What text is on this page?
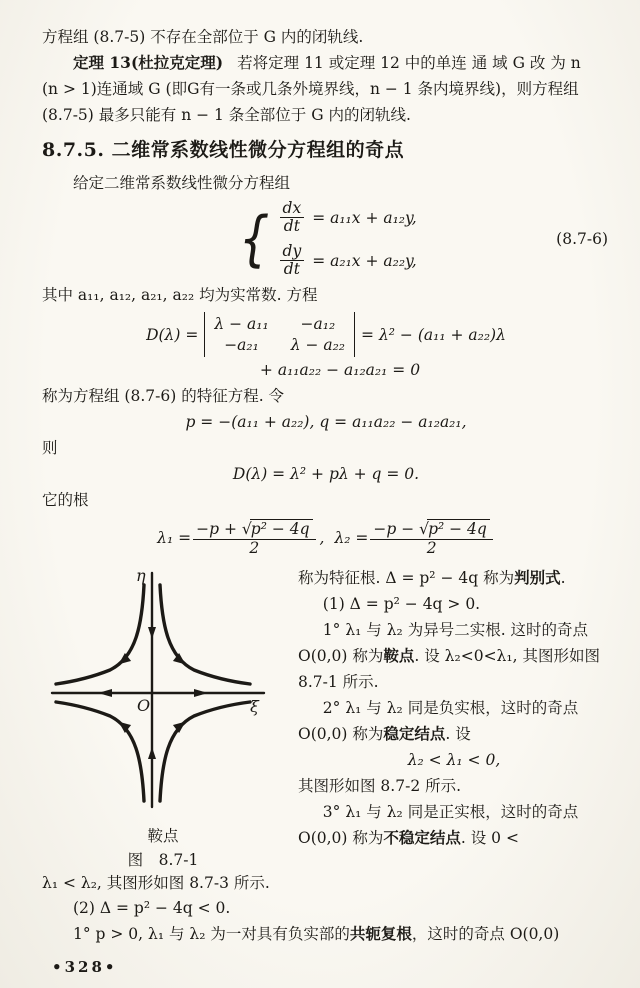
方程组 (8.7-5) 不存在全部位于 G 内的闭轨线.

定理 13(杜拉克定理) 若将定理 11 或定理 12 中的单连 通 域 G 改 为 n

(n > 1)连通域 G (即G有一条或几条外境界线，n − 1 条内境界线)，则方程组

(8.7-5) 最多只能有 n − 1 条全部位于 G 内的闭轨线.

8.7.5. 二维常系数线性微分方程组的奇点

给定二维常系数线性微分方程组

{ $\frac{dx}{dt} = a_{11}x + a_{12}y$,
$\frac{dy}{dt} = a_{21}x + a_{22}y$,
(8.7-6)

其中 a₁₁, a₁₂, a₂₁, a₂₂ 均为实常数. 方程

D(λ) =
λ − a₁₁ −a₁₂
−a₂₁ λ − a₂₂
= λ² − (a₁₁ + a₂₂)λ
+ a₁₁a₂₂ − a₁₂a₂₁ = 0

称为方程组 (8.7-6) 的特征方程. 令

p = −(a₁₁ + a₂₂), q = a₁₁a₂₂ − a₁₂a₂₁,

则

D(λ) = λ² + pλ + q = 0.

它的根

$\lambda_1 = \frac{\text{−p + √p² − 4q}}{2}$ , $\lambda_2 = \frac{\text{−p − √p² − 4q}}{2}$
η
ξ
O

鞍点

图　8.7-1

称为特征根. Δ = p² − 4q 称为判别式.

(1) Δ = p² − 4q > 0.

1° λ₁ 与 λ₂ 为异号二实根. 这时的奇点 O(0,0) 称为鞍点. 设 λ₂<0<λ₁, 其图形如图 8.7-1 所示.

2° λ₁ 与 λ₂ 同是负实根，这时的奇点 O(0,0) 称为稳定结点. 设

λ₂ < λ₁ < 0,

其图形如图 8.7-2 所示.

3° λ₁ 与 λ₂ 同是正实根，这时的奇点 O(0,0) 称为不稳定结点. 设 0 <

λ₁ < λ₂, 其图形如图 8.7-3 所示.

(2) Δ = p² − 4q < 0.

1° p > 0, λ₁ 与 λ₂ 为一对具有负实部的共轭复根，这时的奇点 O(0,0)

•328•
